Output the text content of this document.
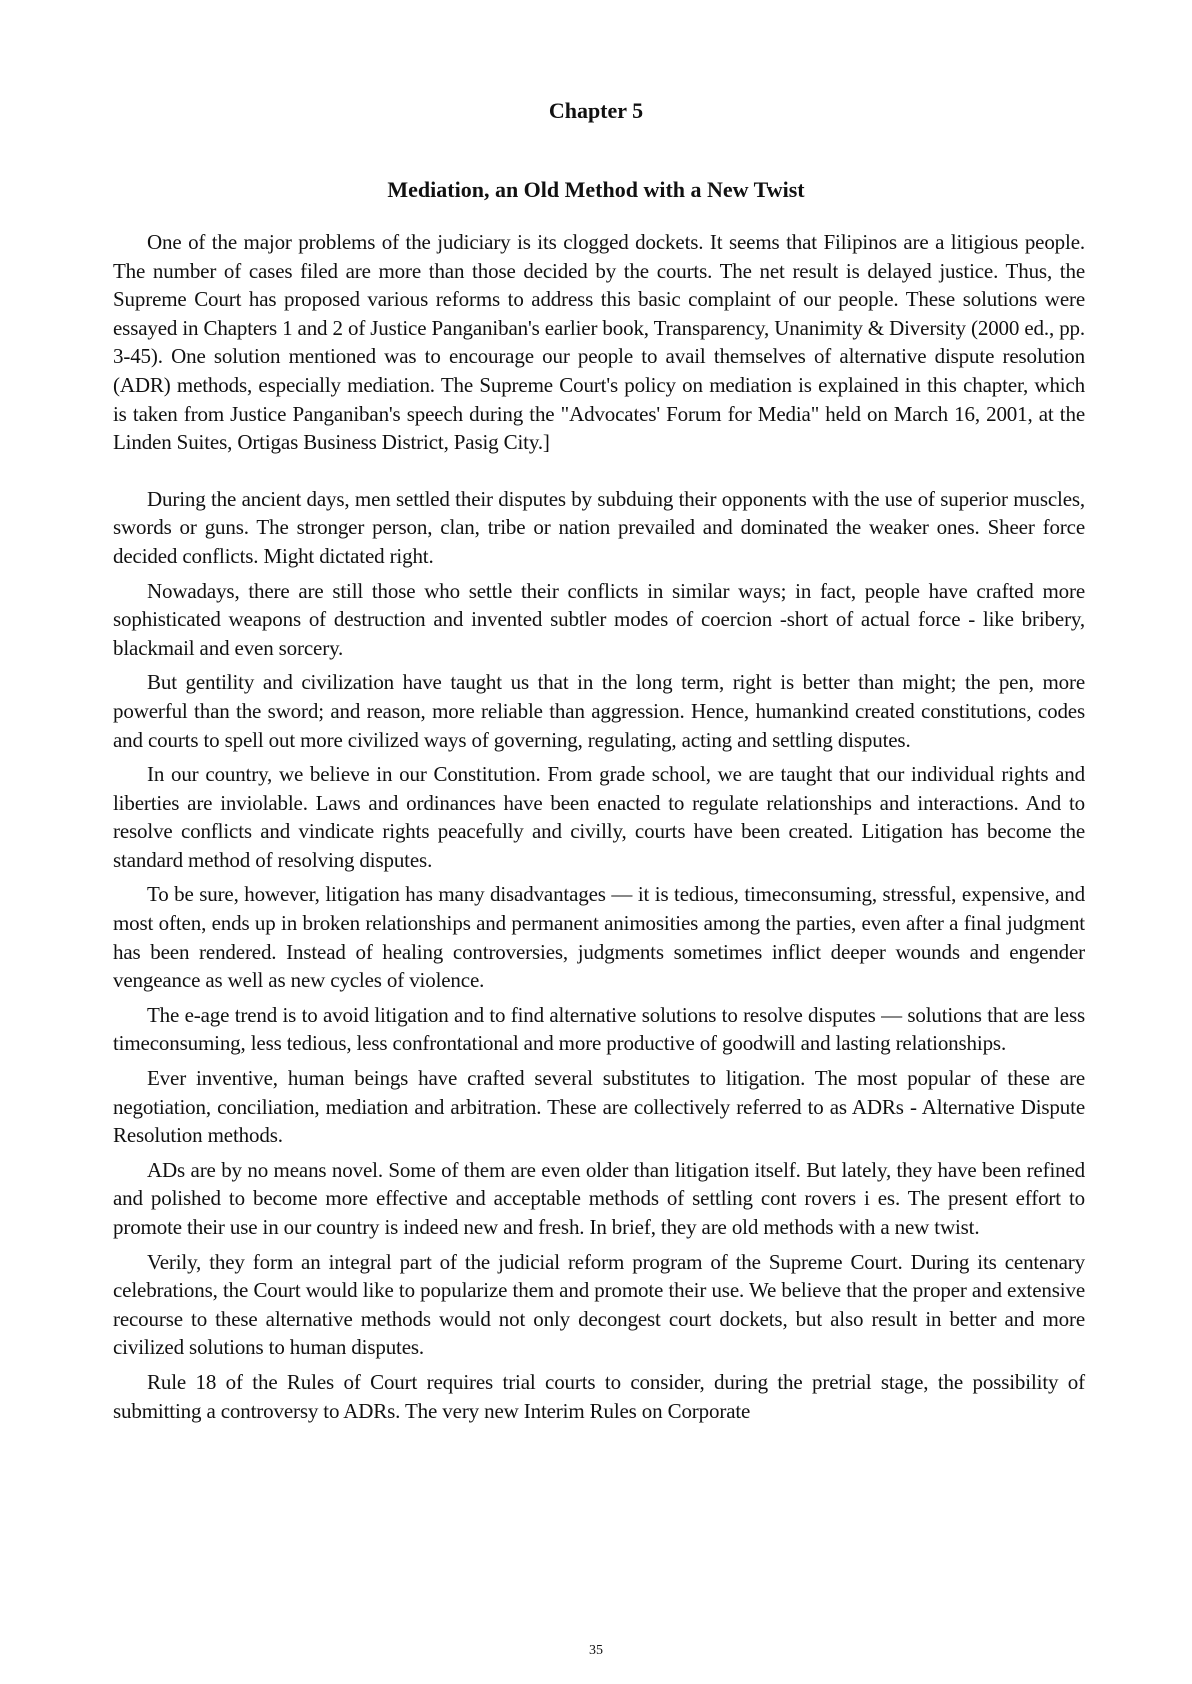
Chapter 5
Mediation, an Old Method with a New Twist

One of the major problems of the judiciary is its clogged dockets. It seems that Filipinos are a litigious people. The number of cases filed are more than those decided by the courts. The net result is delayed justice. Thus, the Supreme Court has proposed various reforms to address this basic complaint of our people. These solutions were essayed in Chapters 1 and 2 of Justice Panganiban's earlier book, Transparency, Unanimity & Diversity (2000 ed., pp. 3-45). One solution mentioned was to encourage our people to avail themselves of alternative dispute resolution (ADR) methods, especially mediation. The Supreme Court's policy on mediation is explained in this chapter, which is taken from Justice Panganiban's speech during the "Advocates' Forum for Media" held on March 16, 2001, at the Linden Suites, Ortigas Business District, Pasig City.]

During the ancient days, men settled their disputes by subduing their opponents with the use of superior muscles, swords or guns. The stronger person, clan, tribe or nation prevailed and dominated the weaker ones. Sheer force decided conflicts. Might dictated right.

Nowadays, there are still those who settle their conflicts in similar ways; in fact, people have crafted more sophisticated weapons of destruction and invented subtler modes of coercion -short of actual force - like bribery, blackmail and even sorcery.

But gentility and civilization have taught us that in the long term, right is better than might; the pen, more powerful than the sword; and reason, more reliable than aggression. Hence, humankind created constitutions, codes and courts to spell out more civilized ways of governing, regulating, acting and settling disputes.

In our country, we believe in our Constitution. From grade school, we are taught that our individual rights and liberties are inviolable. Laws and ordinances have been enacted to regulate relationships and interactions. And to resolve conflicts and vindicate rights peacefully and civilly, courts have been created. Litigation has become the standard method of resolving disputes.

To be sure, however, litigation has many disadvantages — it is tedious, timeconsuming, stressful, expensive, and most often, ends up in broken relationships and permanent animosities among the parties, even after a final judgment has been rendered. Instead of healing controversies, judgments sometimes inflict deeper wounds and engender vengeance as well as new cycles of violence.

The e-age trend is to avoid litigation and to find alternative solutions to resolve disputes — solutions that are less timeconsuming, less tedious, less confrontational and more productive of goodwill and lasting relationships.

Ever inventive, human beings have crafted several substitutes to litigation. The most popular of these are negotiation, conciliation, mediation and arbitration. These are collectively referred to as ADRs - Alternative Dispute Resolution methods.

ADs are by no means novel. Some of them are even older than litigation itself. But lately, they have been refined and polished to become more effective and acceptable methods of settling cont rovers i es. The present effort to promote their use in our country is indeed new and fresh. In brief, they are old methods with a new twist.

Verily, they form an integral part of the judicial reform program of the Supreme Court. During its centenary celebrations, the Court would like to popularize them and promote their use. We believe that the proper and extensive recourse to these alternative methods would not only decongest court dockets, but also result in better and more civilized solutions to human disputes.

Rule 18 of the Rules of Court requires trial courts to consider, during the pretrial stage, the possibility of submitting a controversy to ADRs. The very new Interim Rules on Corporate

35
